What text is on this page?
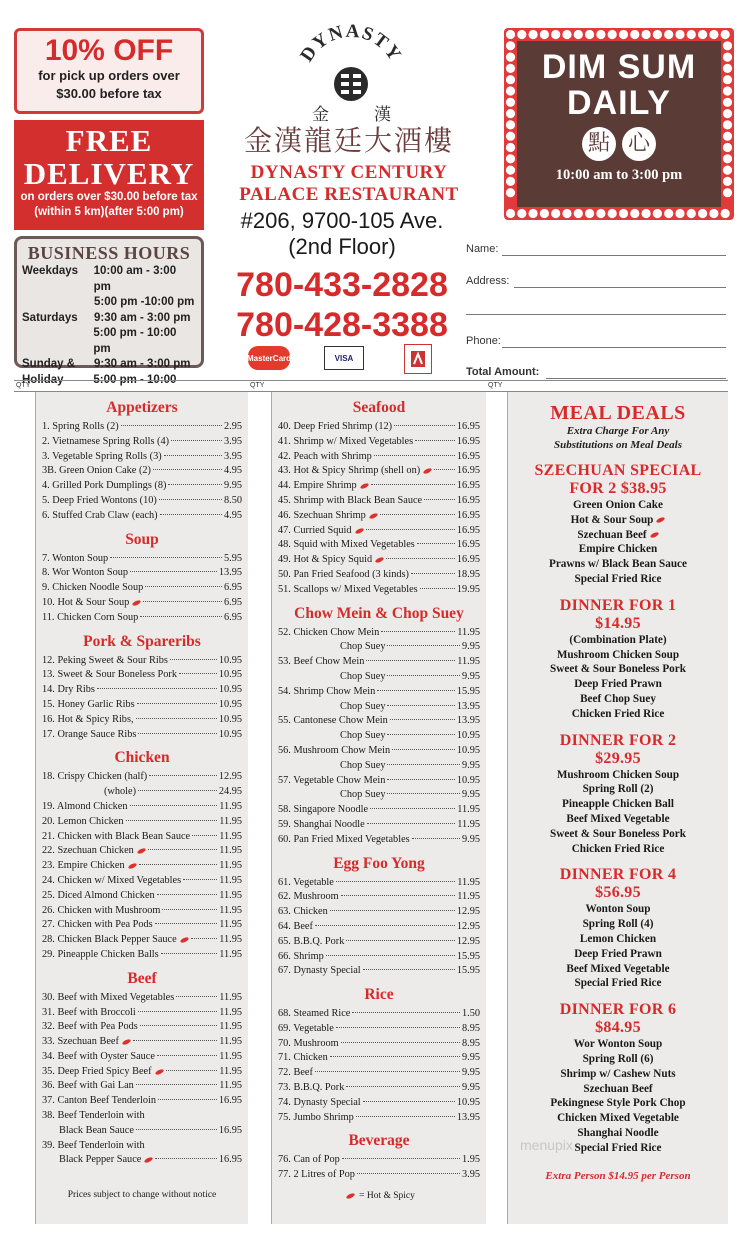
10% OFF
for pick up orders over
$30.00 before tax
FREE
DELIVERY
on orders over $30.00 before tax
(within 5 km)(after 5:00 pm)
BUSINESS HOURS
Weekdays	10:00 am - 3:00 pm
5:00 pm -10:00 pm
Saturdays	9:30 am - 3:00 pm
5:00 pm - 10:00 pm
Sunday &	9:30 am - 3:00 pm
Holiday	5:00 pm - 10:00
DYNASTY
金	漢
金漢龍廷大酒樓
DYNASTY CENTURY
PALACE RESTAURANT
#206, 9700-105 Ave.
(2nd Floor)
780-433-2828
780-428-3388
MasterCard	VISA
DIM SUM
DAILY
點 心
10:00 am to 3:00 pm
Name:
Address:
Phone:
Total Amount:
QTY	QTY	QTY
Appetizers
1. Spring Rolls (2)	2.95
2. Vietnamese Spring Rolls (4)	3.95
3. Vegetable Spring Rolls (3)	3.95
3B. Green Onion Cake (2)	4.95
4. Grilled Pork Dumplings (8)	9.95
5. Deep Fried Wontons (10)	8.50
6. Stuffed Crab Claw (each)	4.95
Soup
7. Wonton Soup	5.95
8. Wor Wonton Soup	13.95
9. Chicken Noodle Soup	6.95
10. Hot & Sour Soup	6.95
11. Chicken Corn Soup	6.95
Pork & Spareribs
12. Peking Sweet & Sour Ribs	10.95
13. Sweet & Sour Boneless Pork	10.95
14. Dry Ribs	10.95
15. Honey Garlic Ribs	10.95
16. Hot & Spicy Ribs,	10.95
17. Orange Sauce Ribs	10.95
Chicken
18. Crispy Chicken (half)	12.95
(whole)	24.95
19. Almond Chicken	11.95
20. Lemon Chicken	11.95
21. Chicken with Black Bean Sauce	11.95
22. Szechuan Chicken	11.95
23. Empire Chicken	11.95
24. Chicken w/ Mixed Vegetables	11.95
25. Diced Almond Chicken	11.95
26. Chicken with Mushroom	11.95
27. Chicken with Pea Pods	11.95
28. Chicken Black Pepper Sauce	11.95
29. Pineapple Chicken Balls	11.95
Beef
30. Beef with Mixed Vegetables	11.95
31. Beef with Broccoli	11.95
32. Beef with Pea Pods	11.95
33. Szechuan Beef	11.95
34. Beef with Oyster Sauce	11.95
35. Deep Fried Spicy Beef	11.95
36. Beef with Gai Lan	11.95
37. Canton Beef Tenderloin	16.95
38. Beef Tenderloin with
Black Bean Sauce	16.95
39. Beef Tenderloin with
Black Pepper Sauce	16.95
Prices subject to change without notice
Seafood
40. Deep Fried Shrimp (12)	16.95
41. Shrimp w/ Mixed Vegetables	16.95
42. Peach with Shrimp	16.95
43. Hot & Spicy Shrimp (shell on)	16.95
44. Empire Shrimp	16.95
45. Shrimp with Black Bean Sauce	16.95
46. Szechuan Shrimp	16.95
47. Curried Squid	16.95
48. Squid with Mixed Vegetables	16.95
49. Hot & Spicy Squid	16.95
50. Pan Fried Seafood (3 kinds)	18.95
51. Scallops w/ Mixed Vegetables	19.95
Chow Mein & Chop Suey
52. Chicken Chow Mein	11.95
Chop Suey	9.95
53. Beef Chow Mein	11.95
Chop Suey	9.95
54. Shrimp Chow Mein	15.95
Chop Suey	13.95
55. Cantonese Chow Mein	13.95
Chop Suey	10.95
56. Mushroom Chow Mein	10.95
Chop Suey	9.95
57. Vegetable Chow Mein	10.95
Chop Suey	9.95
58. Singapore Noodle	11.95
59. Shanghai Noodle	11.95
60. Pan Fried Mixed Vegetables	9.95
Egg Foo Yong
61. Vegetable	11.95
62. Mushroom	11.95
63. Chicken	12.95
64. Beef	12.95
65. B.B.Q. Pork	12.95
66. Shrimp	15.95
67. Dynasty Special	15.95
Rice
68. Steamed Rice	1.50
69. Vegetable	8.95
70. Mushroom	8.95
71. Chicken	9.95
72. Beef	9.95
73. B.B.Q. Pork	9.95
74. Dynasty Special	10.95
75. Jumbo Shrimp	13.95
Beverage
76. Can of Pop	1.95
77. 2 Litres of Pop	3.95
= Hot & Spicy
MEAL DEALS
Extra Charge For Any
Substitutions on Meal Deals
SZECHUAN SPECIAL
FOR 2 $38.95
Green Onion Cake
Hot & Sour Soup
Szechuan Beef
Empire Chicken
Prawns w/ Black Bean Sauce
Special Fried Rice
DINNER FOR 1
$14.95
(Combination Plate)
Mushroom Chicken Soup
Sweet & Sour Boneless Pork
Deep Fried Prawn
Beef Chop Suey
Chicken Fried Rice
DINNER FOR 2
$29.95
Mushroom Chicken Soup
Spring Roll (2)
Pineapple Chicken Ball
Beef Mixed Vegetable
Sweet & Sour Boneless Pork
Chicken Fried Rice
DINNER FOR 4
$56.95
Wonton Soup
Spring Roll (4)
Lemon Chicken
Deep Fried Prawn
Beef Mixed Vegetable
Special Fried Rice
DINNER FOR 6
$84.95
Wor Wonton Soup
Spring Roll (6)
Shrimp w/ Cashew Nuts
Szechuan Beef
Pekingnese Style Pork Chop
Chicken Mixed Vegetable
Shanghai Noodle
Special Fried Rice
Extra Person $14.95 per Person
menupix
